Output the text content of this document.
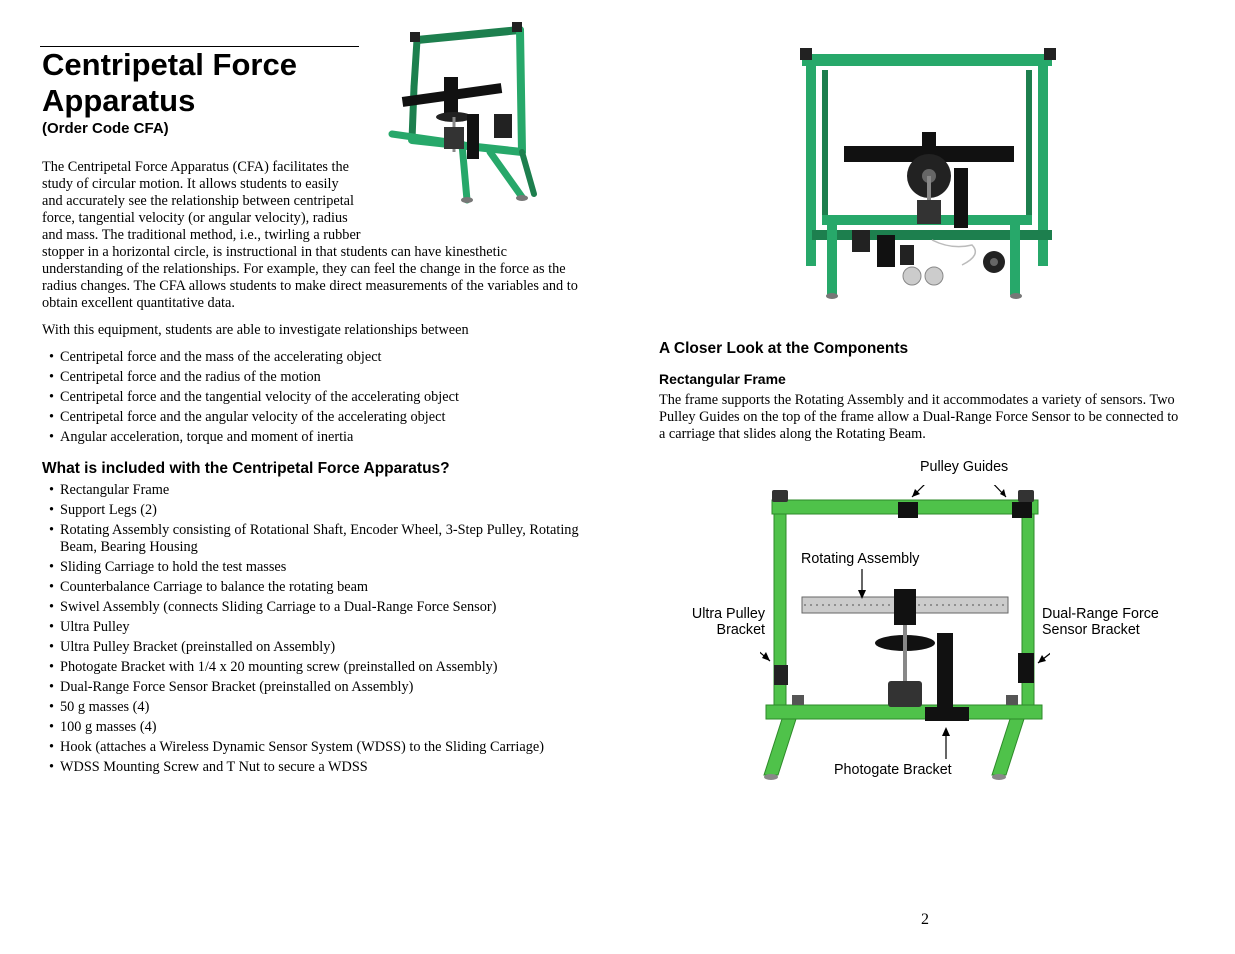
Centripetal Force Apparatus
(Order Code CFA)
The Centripetal Force Apparatus (CFA) facilitates the study of circular motion. It allows students to easily and accurately see the relationship between centripetal force, tangential velocity (or angular velocity), radius and mass. The traditional method, i.e., twirling a rubber stopper in a horizontal circle, is instructional in that students can have kinesthetic understanding of the relationships. For example, they can feel the change in the force as the radius changes. The CFA allows students to make direct measurements of the variables and to obtain excellent quantitative data.
With this equipment, students are able to investigate relationships between
• Centripetal force and the mass of the accelerating object
• Centripetal force and the radius of the motion
• Centripetal force and the tangential velocity of the accelerating object
• Centripetal force and the angular velocity of the accelerating object
• Angular acceleration, torque and moment of inertia
What is included with the Centripetal Force Apparatus?
• Rectangular Frame
• Support Legs (2)
• Rotating Assembly consisting of Rotational Shaft, Encoder Wheel, 3-Step Pulley, Rotating Beam, Bearing Housing
• Sliding Carriage to hold the test masses
• Counterbalance Carriage to balance the rotating beam
• Swivel Assembly (connects Sliding Carriage to a Dual-Range Force Sensor)
• Ultra Pulley
• Ultra Pulley Bracket (preinstalled on Assembly)
• Photogate Bracket with 1/4 x 20 mounting screw (preinstalled on Assembly)
• Dual-Range Force Sensor Bracket (preinstalled on Assembly)
• 50 g masses (4)
• 100 g masses (4)
• Hook (attaches a Wireless Dynamic Sensor System (WDSS) to the Sliding Carriage)
• WDSS Mounting Screw and T Nut to secure a WDSS
A Closer Look at the Components
Rectangular Frame
The frame supports the Rotating Assembly and it accommodates a variety of sensors. Two Pulley Guides on the top of the frame allow a Dual-Range Force Sensor to be connected to a carriage that slides along the Rotating Beam.
Pulley Guides
Rotating Assembly
Ultra Pulley
Bracket
Dual-Range Force
Sensor Bracket
Photogate Bracket
2
